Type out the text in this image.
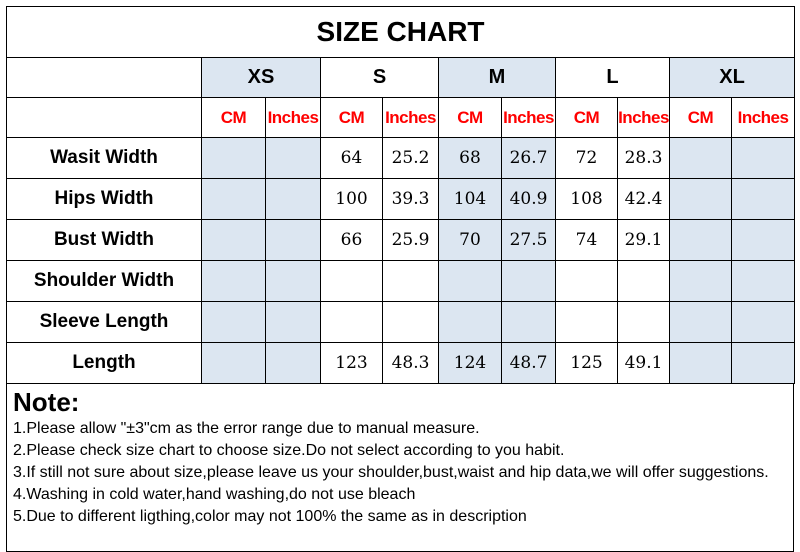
SIZE CHART										
	XS		S		M		L		XL	
	CM	Inches	CM	Inches	CM	Inches	CM	Inches	CM	Inches
Wasit Width			64	25.2	68	26.7	72	28.3		
Hips Width			100	39.3	104	40.9	108	42.4		
Bust Width			66	25.9	70	27.5	74	29.1		
Shoulder Width										
Sleeve Length										
Length			123	48.3	124	48.7	125	49.1		

Note:

1.Please allow "±3"cm as the error range due to manual measure.

2.Please check size chart to choose size.Do not select according to you habit.

3.If still not sure about size,please leave us your shoulder,bust,waist and hip data,we will offer suggestions.

4.Washing in cold water,hand washing,do not use bleach

5.Due to different ligthing,color may not 100% the same as in description
